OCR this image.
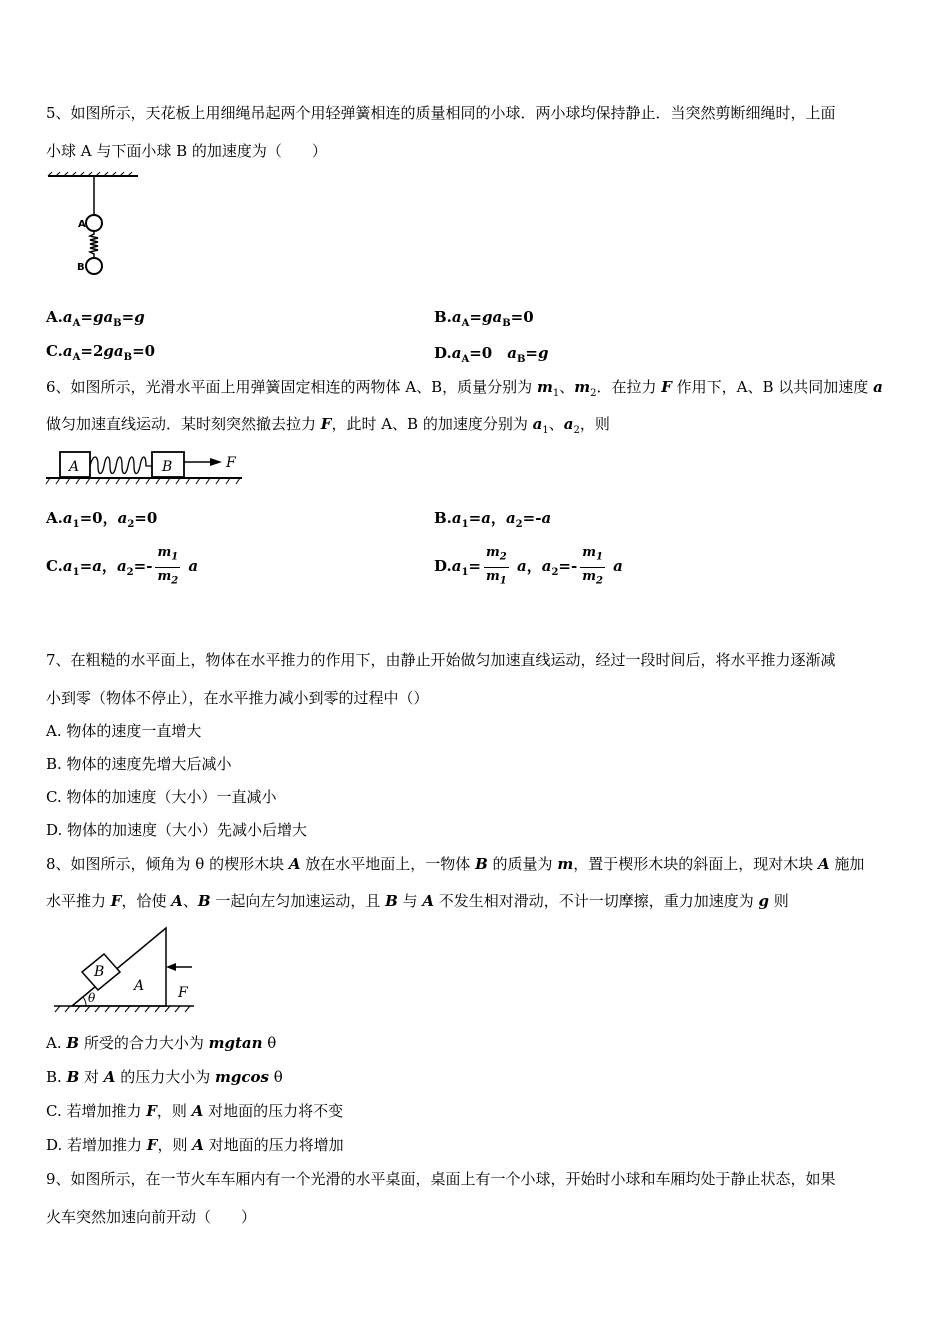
5、如图所示，天花板上用细绳吊起两个用轻弹簧相连的质量相同的小球．两小球均保持静止．当突然剪断细绳时，上面
小球 A 与下面小球 B 的加速度为（　　）
A
B
$A.a_A=ga_B=g$	$B.a_A=ga_B=0$
$C.a_A=2ga_B=0$	$D.a_A=0$　$a_B=g$
6、如图所示，光滑水平面上用弹簧固定相连的两物体 A、B，质量分别为 $m_1$、$m_2$．在拉力 F 作用下，A、B 以共同加速度 a
做匀加速直线运动．某时刻突然撤去拉力 F，此时 A、B 的加速度分别为 $a_1$、$a_2$，则
A	B	F
$A.a_1=0$，$a_2=0$	$B.a_1=a$，$a_2=-a$
$C.a_1=a$，$a_2=- \frac{m_1}{m_2}$ a	$D.a_1= \frac{m_2}{m_1}$ a，$a_2=- \frac{m_1}{m_2}$ a
7、在粗糙的水平面上，物体在水平推力的作用下，由静止开始做匀加速直线运动，经过一段时间后，将水平推力逐渐减
小到零（物体不停止），在水平推力减小到零的过程中（）
A. 物体的速度一直增大
B. 物体的速度先增大后减小
C. 物体的加速度（大小）一直减小
D. 物体的加速度（大小）先减小后增大
8、如图所示，倾角为 θ 的楔形木块 A 放在水平地面上，一物体 B 的质量为 m，置于楔形木块的斜面上，现对木块 A 施加
水平推力 F，恰使 A、B 一起向左匀加速运动，且 B 与 A 不发生相对滑动，不计一切摩擦，重力加速度为 g 则
B
A F
θ
A. B 所受的合力大小为 mgtan θ
B. B 对 A 的压力大小为 mgcos θ
C. 若增加推力 F，则 A 对地面的压力将不变
D. 若增加推力 F，则 A 对地面的压力将增加
9、如图所示，在一节火车车厢内有一个光滑的水平桌面，桌面上有一个小球，开始时小球和车厢均处于静止状态，如果
火车突然加速向前开动（　　）
